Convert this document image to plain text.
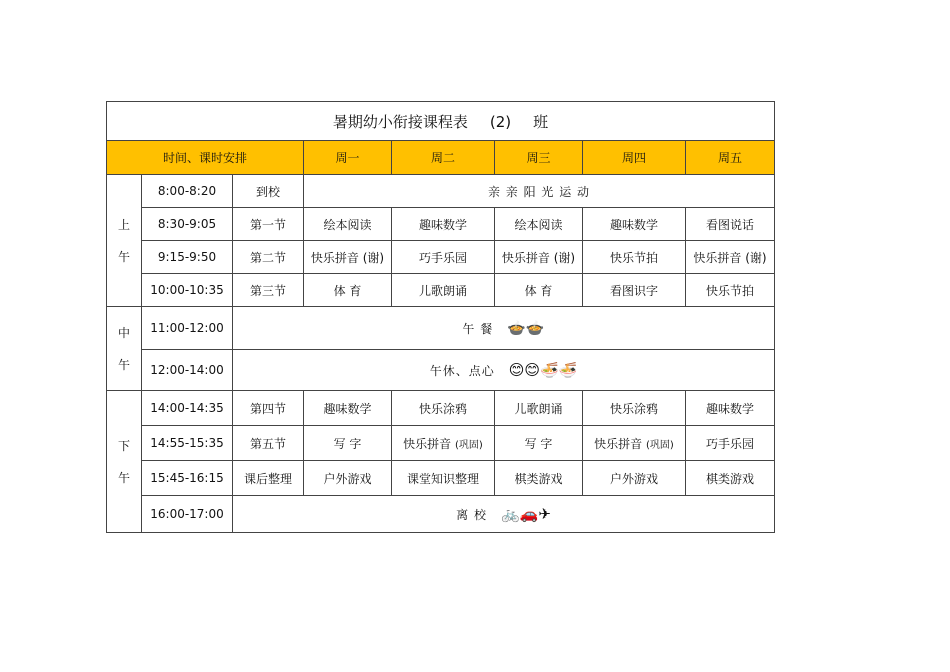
暑期幼小衔接课程表 (2) 班							
时间、课时安排			周一	周二	周三	周四	周五

上
午	8:00-8:20	到校	亲 亲 阳 光 运 动				
	8:30-9:05	第一节	绘本阅读	趣味数学	绘本阅读	趣味数学	看图说话
	9:15-9:50	第二节	快乐拼音 (谢)	巧手乐园	快乐拼音 (谢)	快乐节拍	快乐拼音 (谢)
	10:00-10:35	第三节	体 育	儿歌朗诵	体 育	看图识字	快乐节拍

中
午	11:00-12:00	午 餐 🍲🍲					
	12:00-14:00	午休、点心 😊😊🍜🍜					

下
午	14:00-14:35	第四节	趣味数学	快乐涂鸦	儿歌朗诵	快乐涂鸦	趣味数学
	14:55-15:35	第五节	写 字	快乐拼音 (巩固)	写 字	快乐拼音 (巩固)	巧手乐园
	15:45-16:15	课后整理	户外游戏	课堂知识整理	棋类游戏	户外游戏	棋类游戏
	16:00-17:00	离 校 🚲🚗✈					
